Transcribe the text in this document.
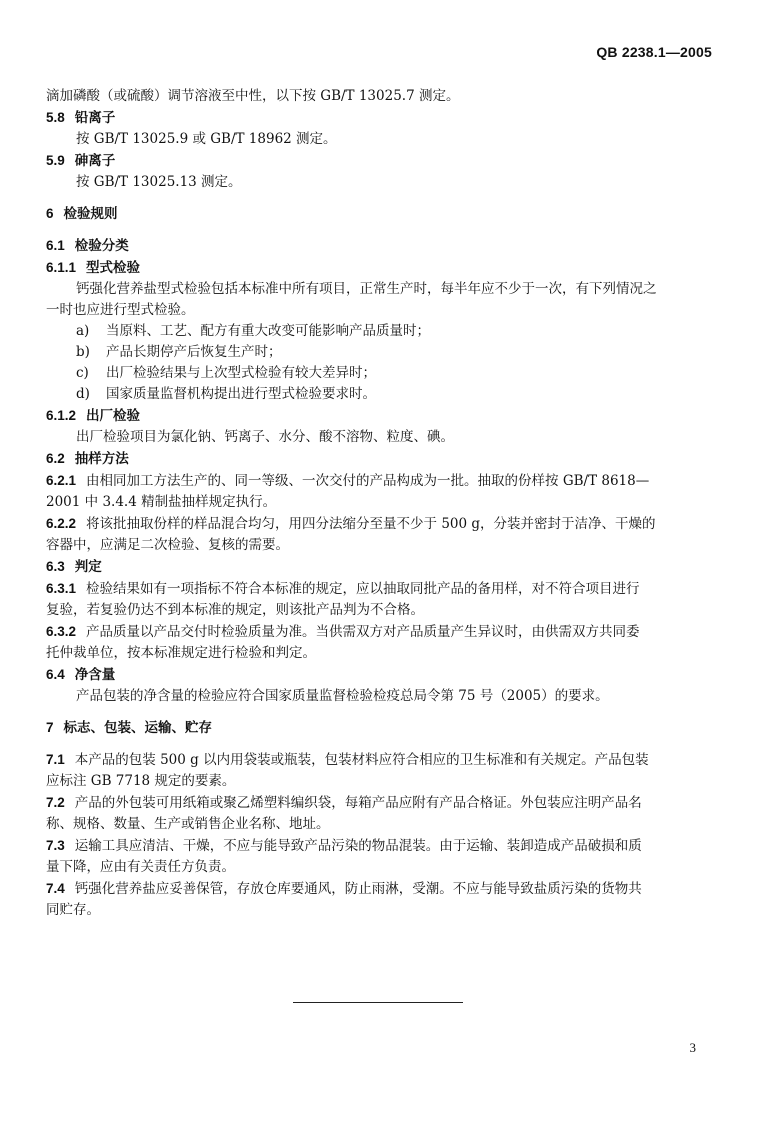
QB 2238.1—2005

滴加磷酸（或硫酸）调节溶液至中性，以下按 GB/T 13025.7 测定。

5.8 铅离子

按 GB/T 13025.9 或 GB/T 18962 测定。

5.9 砷离子

按 GB/T 13025.13 测定。

6 检验规则

6.1 检验分类

6.1.1 型式检验

钙强化营养盐型式检验包括本标准中所有项目，正常生产时，每半年应不少于一次，有下列情况之

一时也应进行型式检验。

a) 当原料、工艺、配方有重大改变可能影响产品质量时；

b) 产品长期停产后恢复生产时；

c) 出厂检验结果与上次型式检验有较大差异时；

d) 国家质量监督机构提出进行型式检验要求时。

6.1.2 出厂检验

出厂检验项目为氯化钠、钙离子、水分、酸不溶物、粒度、碘。

6.2 抽样方法

6.2.1 由相同加工方法生产的、同一等级、一次交付的产品构成为一批。抽取的份样按 GB/T 8618—

2001 中 3.4.4 精制盐抽样规定执行。

6.2.2 将该批抽取份样的样品混合均匀，用四分法缩分至量不少于 500 g，分装并密封于洁净、干燥的

容器中，应满足二次检验、复核的需要。

6.3 判定

6.3.1 检验结果如有一项指标不符合本标准的规定，应以抽取同批产品的备用样，对不符合项目进行

复验，若复验仍达不到本标准的规定，则该批产品判为不合格。

6.3.2 产品质量以产品交付时检验质量为准。当供需双方对产品质量产生异议时，由供需双方共同委

托仲裁单位，按本标准规定进行检验和判定。

6.4 净含量

产品包装的净含量的检验应符合国家质量监督检验检疫总局令第 75 号（2005）的要求。

7 标志、包装、运输、贮存

7.1 本产品的包装 500 g 以内用袋装或瓶装，包装材料应符合相应的卫生标准和有关规定。产品包装

应标注 GB 7718 规定的要素。

7.2 产品的外包装可用纸箱或聚乙烯塑料编织袋，每箱产品应附有产品合格证。外包装应注明产品名

称、规格、数量、生产或销售企业名称、地址。

7.3 运输工具应清洁、干燥，不应与能导致产品污染的物品混装。由于运输、装卸造成产品破损和质

量下降，应由有关责任方负责。

7.4 钙强化营养盐应妥善保管，存放仓库要通风，防止雨淋，受潮。不应与能导致盐质污染的货物共

同贮存。

3
